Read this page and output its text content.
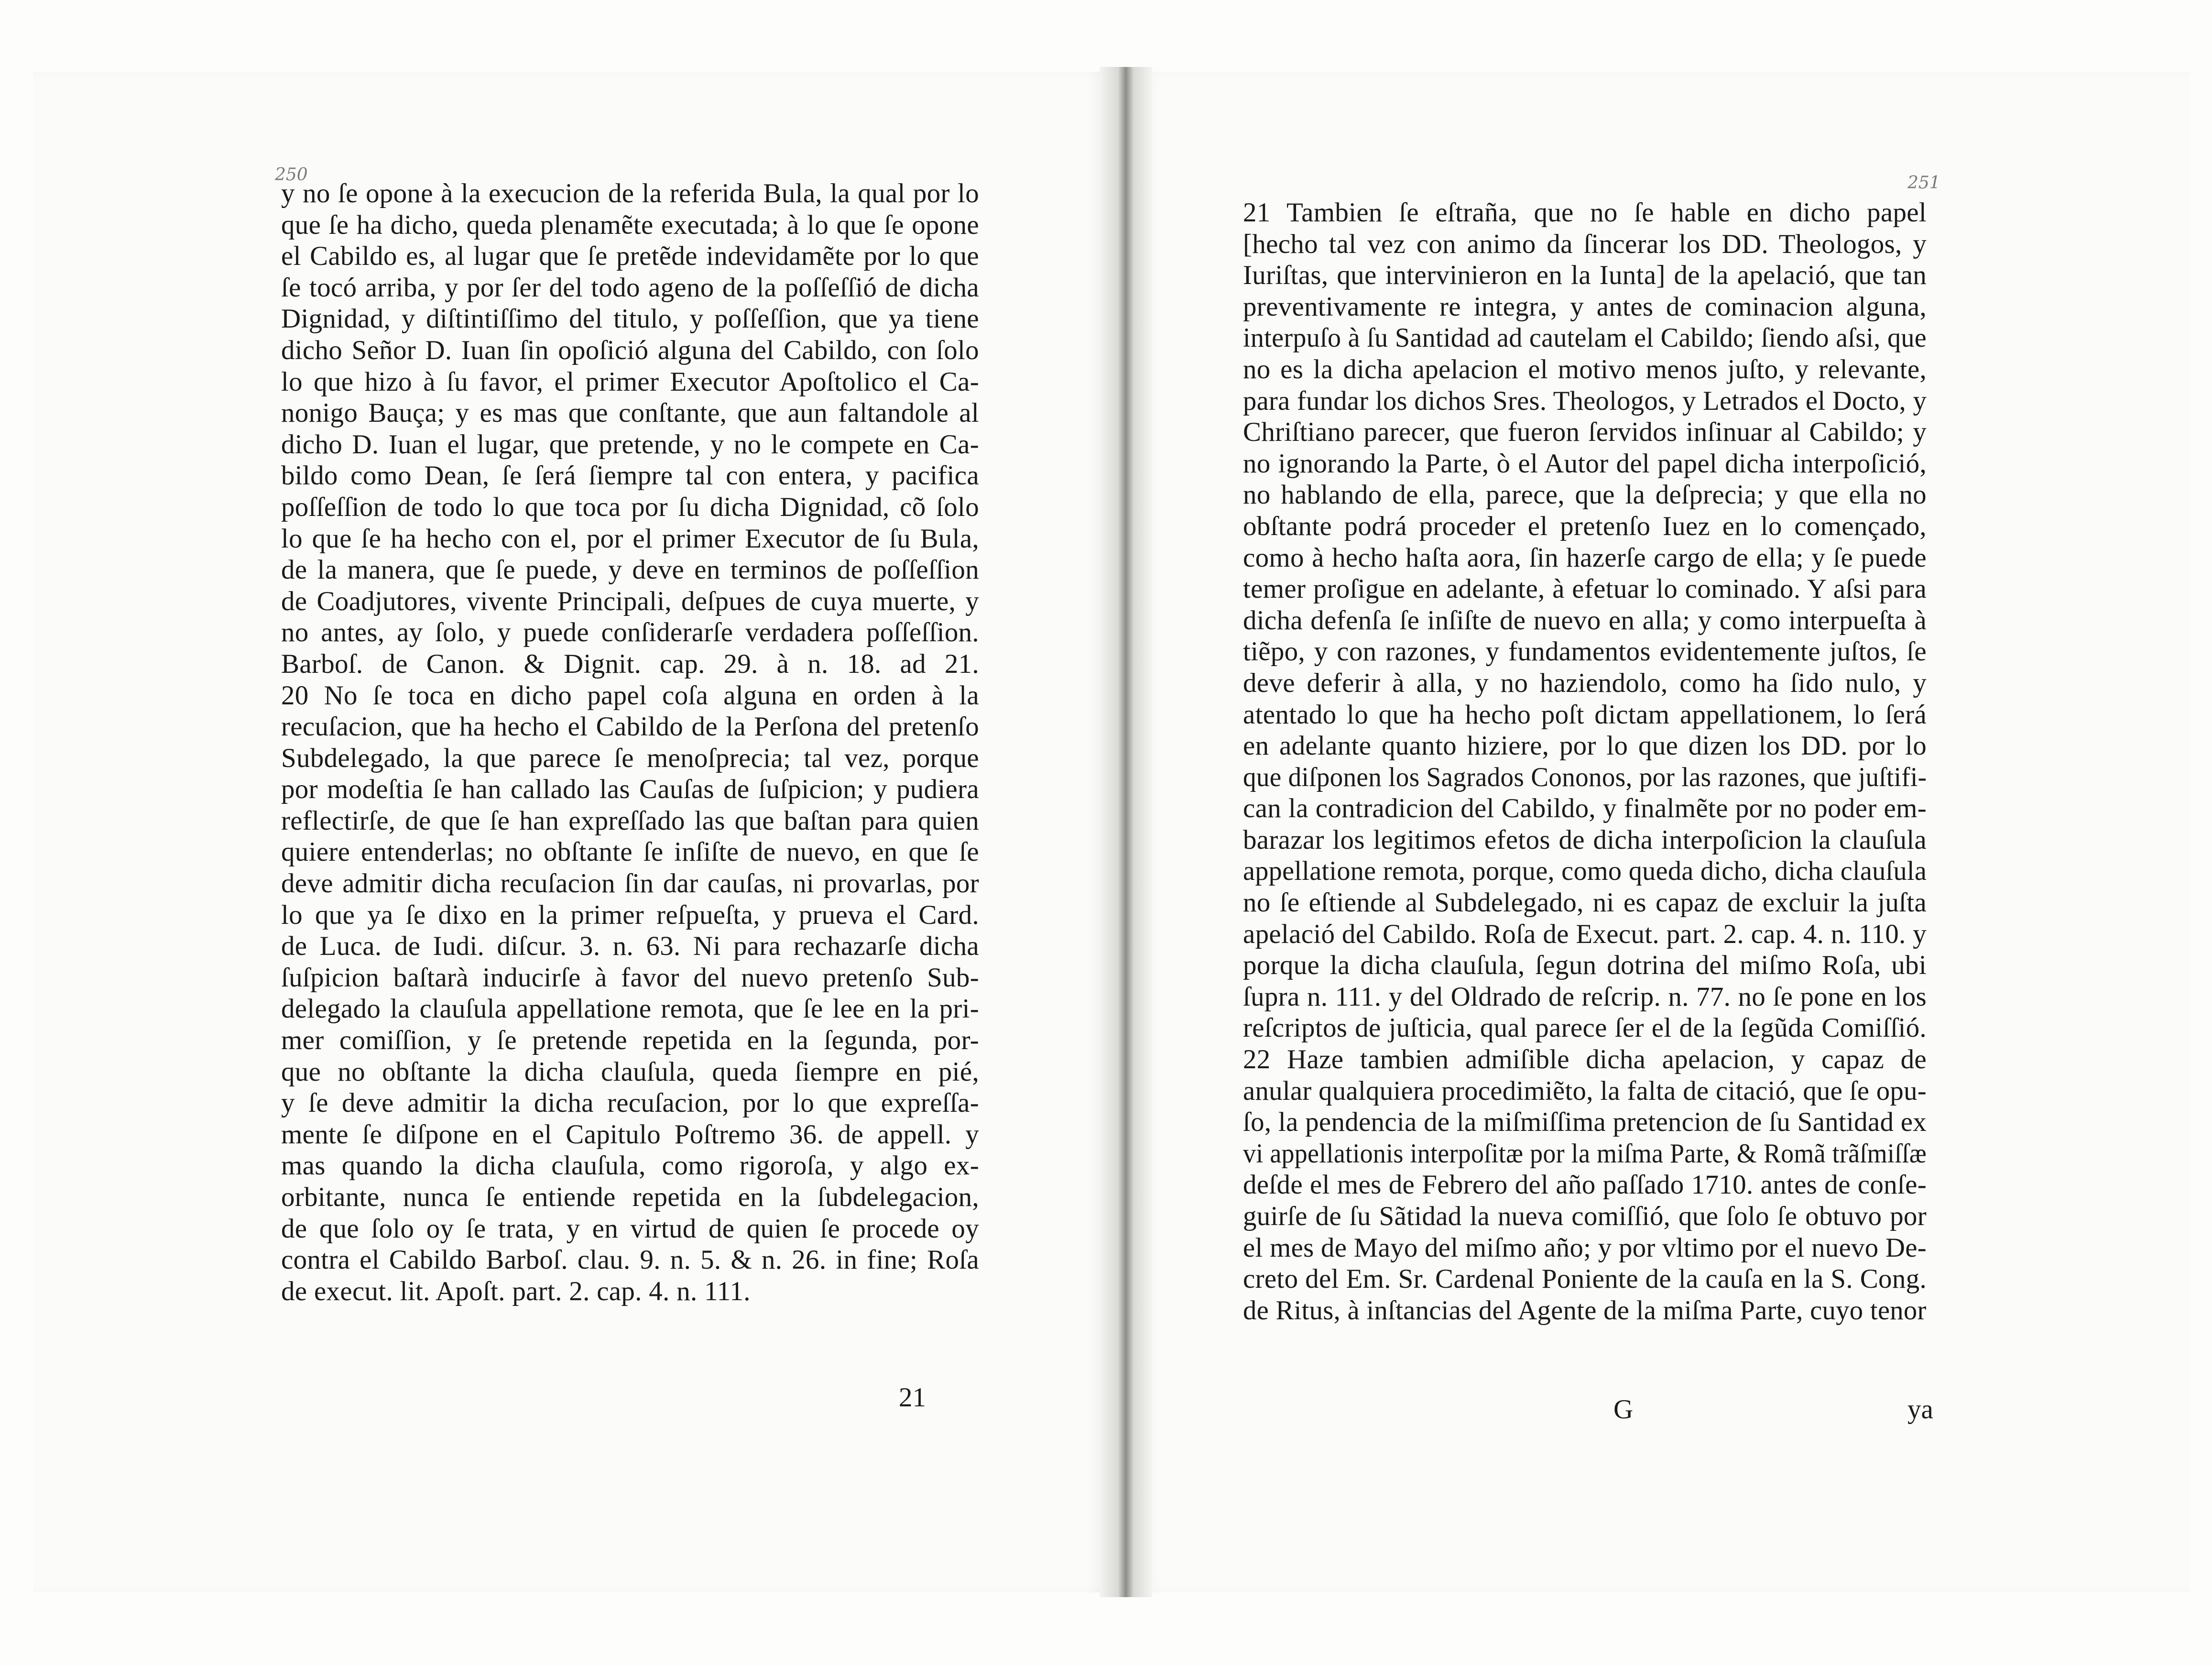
250	251
y no ſe opone à la execucion de la referida Bula, la qual por lo
que ſe ha dicho, queda plenamẽte executada; à lo que ſe opone
el Cabildo es, al lugar que ſe pretẽde indevidamẽte por lo que
ſe tocó arriba, y por ſer del todo ageno de la poſſeſſió de dicha
Dignidad, y diſtintiſſimo del titulo, y poſſeſſion, que ya tiene
dicho Señor D. Iuan ſin opoſició alguna del Cabildo, con ſolo
lo que hizo à ſu favor, el primer Executor Apoſtolico el Ca-
nonigo Bauça; y es mas que conſtante, que aun faltandole al
dicho D. Iuan el lugar, que pretende, y no le compete en Ca-
bildo como Dean, ſe ſerá ſiempre tal con entera, y pacifica
poſſeſſion de todo lo que toca por ſu dicha Dignidad, cõ ſolo
lo que ſe ha hecho con el, por el primer Executor de ſu Bula,
de la manera, que ſe puede, y deve en terminos de poſſeſſion
de Coadjutores, vivente Principali, deſpues de cuya muerte, y
no antes, ay ſolo, y puede conſiderarſe verdadera poſſeſſion.
Barboſ. de Canon. & Dignit. cap. 29. à n. 18. ad 21.
20 No ſe toca en dicho papel coſa alguna en orden à la
recuſacion, que ha hecho el Cabildo de la Perſona del pretenſo
Subdelegado, la que parece ſe menoſprecia; tal vez, porque
por modeſtia ſe han callado las Cauſas de ſuſpicion; y pudiera
reflectirſe, de que ſe han expreſſado las que baſtan para quien
quiere entenderlas; no obſtante ſe inſiſte de nuevo, en que ſe
deve admitir dicha recuſacion ſin dar cauſas, ni provarlas, por
lo que ya ſe dixo en la primer reſpueſta, y prueva el Card.
de Luca. de Iudi. diſcur. 3. n. 63. Ni para rechazarſe dicha
ſuſpicion baſtarà inducirſe à favor del nuevo pretenſo Sub-
delegado la clauſula appellatione remota, que ſe lee en la pri-
mer comiſſion, y ſe pretende repetida en la ſegunda, por-
que no obſtante la dicha clauſula, queda ſiempre en pié,
y ſe deve admitir la dicha recuſacion, por lo que expreſſa-
mente ſe diſpone en el Capitulo Poſtremo 36. de appell. y
mas quando la dicha clauſula, como rigoroſa, y algo ex-
orbitante, nunca ſe entiende repetida en la ſubdelegacion,
de que ſolo oy ſe trata, y en virtud de quien ſe procede oy
contra el Cabildo Barboſ. clau. 9. n. 5. & n. 26. in fine; Roſa
de execut. lit. Apoſt. part. 2. cap. 4. n. 111.
21 Tambien ſe eſtraña, que no ſe hable en dicho papel
[hecho tal vez con animo da ſincerar los DD. Theologos, y
Iuriſtas, que intervinieron en la Iunta] de la apelació, que tan
preventivamente re integra, y antes de cominacion alguna,
interpuſo à ſu Santidad ad cautelam el Cabildo; ſiendo aſsi, que
no es la dicha apelacion el motivo menos juſto, y relevante,
para fundar los dichos Sres. Theologos, y Letrados el Docto, y
Chriſtiano parecer, que fueron ſervidos inſinuar al Cabildo; y
no ignorando la Parte, ò el Autor del papel dicha interpoſició,
no hablando de ella, parece, que la deſprecia; y que ella no
obſtante podrá proceder el pretenſo Iuez en lo començado,
como à hecho haſta aora, ſin hazerſe cargo de ella; y ſe puede
temer proſigue en adelante, à efetuar lo cominado. Y aſsi para
dicha defenſa ſe inſiſte de nuevo en alla; y como interpueſta à
tiẽpo, y con razones, y fundamentos evidentemente juſtos, ſe
deve deferir à alla, y no haziendolo, como ha ſido nulo, y
atentado lo que ha hecho poſt dictam appellationem, lo ſerá
en adelante quanto hiziere, por lo que dizen los DD. por lo
que diſponen los Sagrados Cononos, por las razones, que juſtifi-
can la contradicion del Cabildo, y finalmẽte por no poder em-
barazar los legitimos efetos de dicha interpoſicion la clauſula
appellatione remota, porque, como queda dicho, dicha clauſula
no ſe eſtiende al Subdelegado, ni es capaz de excluir la juſta
apelació del Cabildo. Roſa de Execut. part. 2. cap. 4. n. 110. y
porque la dicha clauſula, ſegun dotrina del miſmo Roſa, ubi
ſupra n. 111. y del Oldrado de reſcrip. n. 77. no ſe pone en los
reſcriptos de juſticia, qual parece ſer el de la ſegũda Comiſſió.
22 Haze tambien admiſible dicha apelacion, y capaz de
anular qualquiera procedimiẽto, la falta de citació, que ſe opu-
ſo, la pendencia de la miſmiſſima pretencion de ſu Santidad ex
vi appellationis interpoſitæ por la miſma Parte, & Romã trãſmiſſæ
deſde el mes de Febrero del año paſſado 1710. antes de conſe-
guirſe de ſu Sãtidad la nueva comiſſió, que ſolo ſe obtuvo por
el mes de Mayo del miſmo año; y por vltimo por el nuevo De-
creto del Em. Sr. Cardenal Poniente de la cauſa en la S. Cong.
de Ritus, à inſtancias del Agente de la miſma Parte, cuyo tenor
21	G	ya
